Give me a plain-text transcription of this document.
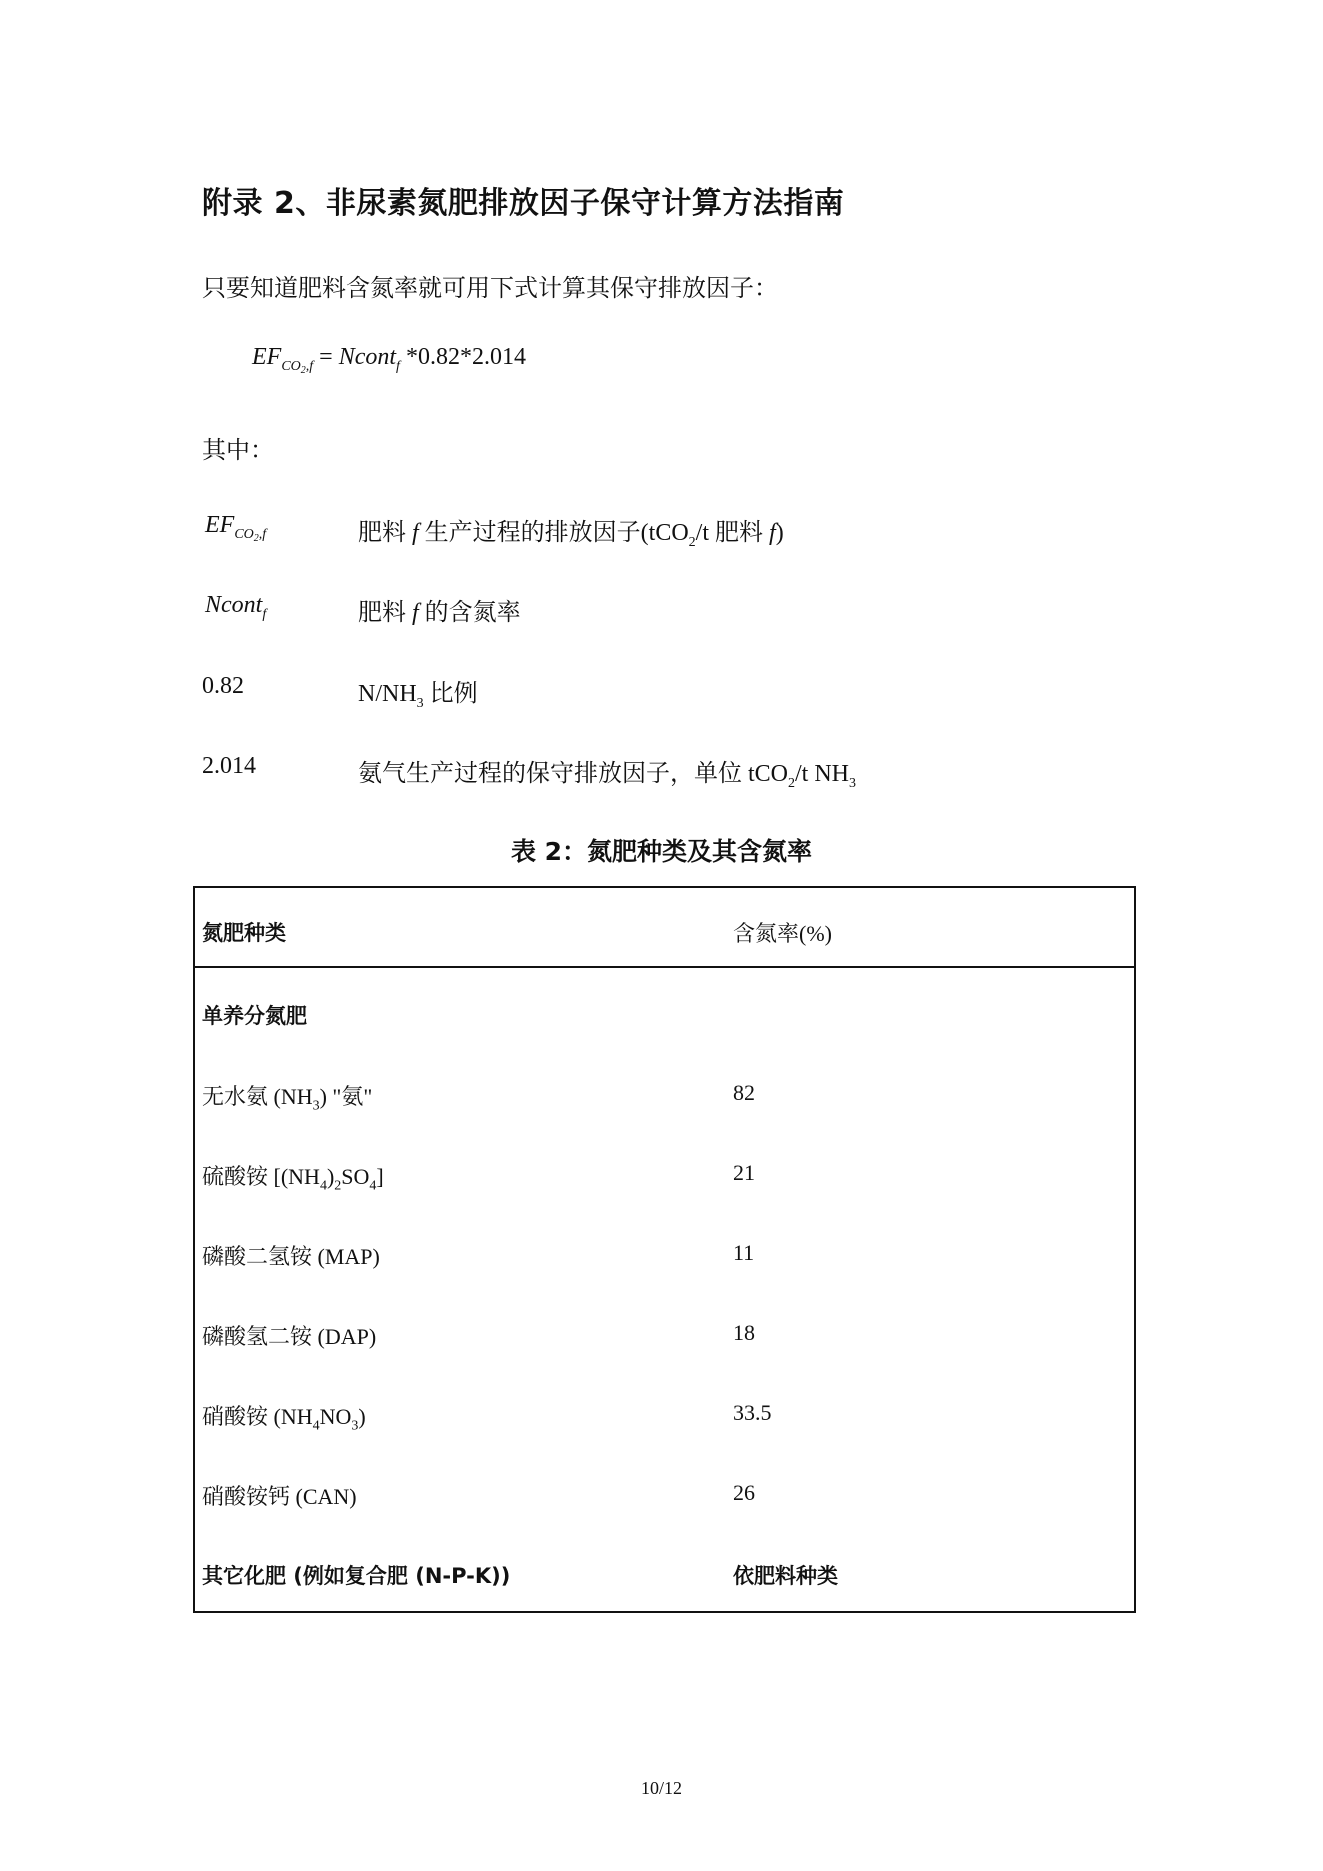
附录 2、非尿素氮肥排放因子保守计算方法指南
只要知道肥料含氮率就可用下式计算其保守排放因子：
$EF_{CO_2,f}$ = Ncont$_f$ *0.82*2.014
其中：
$EF_{CO_2,f}$	肥料 f 生产过程的排放因子(tCO$_2$/t 肥料 f)
Ncont$_f$	肥料 f 的含氮率
0.82	$N/NH_3$ 比例
2.014	氨气生产过程的保守排放因子，单位 tCO$_2$/t $NH_3$
表 2：氮肥种类及其含氮率
氮肥种类	含氮率(%)
单养分氮肥
无水氨 $(NH_3)$ "氨"	82
硫酸铵 $[(NH_4)_2SO_4]$	21
磷酸二氢铵 (MAP)	11
磷酸氢二铵 (DAP)	18
硝酸铵 $(NH_4NO_3)$	33.5
硝酸铵钙 (CAN)	26
其它化肥 (例如复合肥 (N-P-K))	依肥料种类
10/12
